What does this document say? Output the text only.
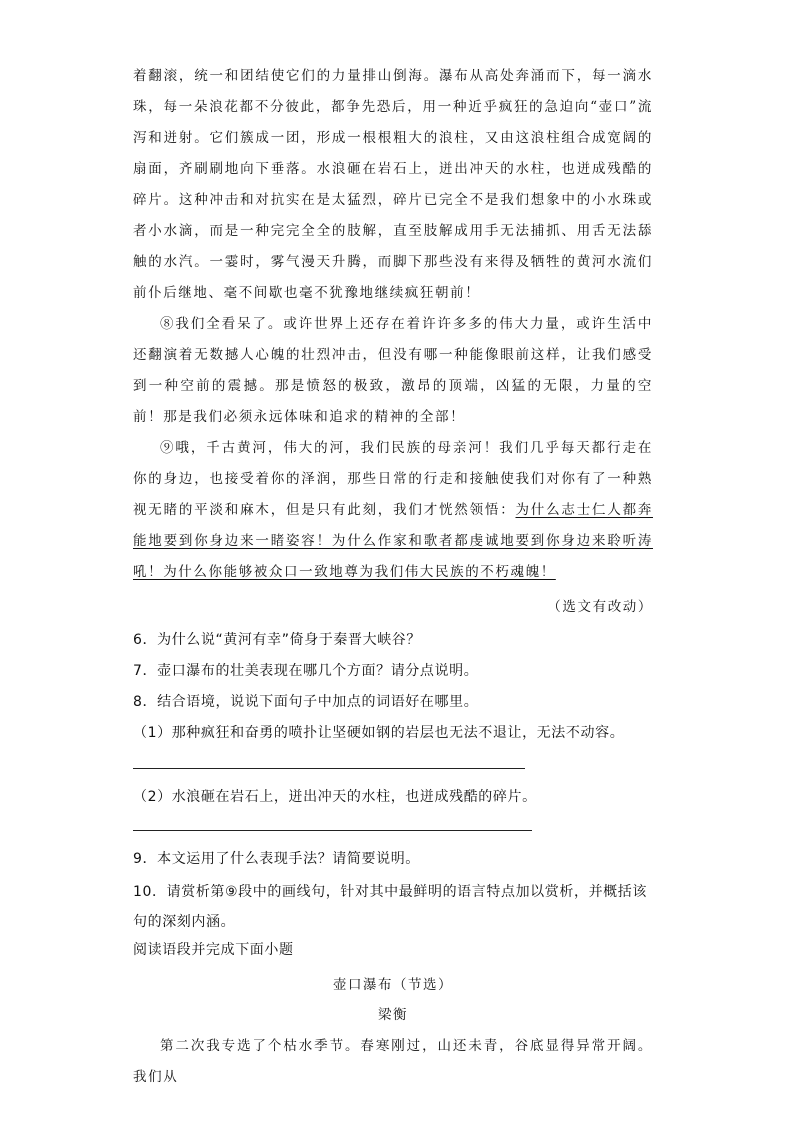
着翻滚，统一和团结使它们的力量排山倒海。瀑布从高处奔涌而下，每一滴水珠，每一朵浪花都不分彼此，都争先恐后，用一种近乎疯狂的急迫向“壶口”流泻和迸射。它们簇成一团，形成一根根粗大的浪柱，又由这浪柱组合成宽阔的扇面，齐刷刷地向下垂落。水浪砸在岩石上，迸出冲天的水柱，也迸成残酷的碎片。这种冲击和对抗实在是太猛烈，碎片已完全不是我们想象中的小水珠或者小水滴，而是一种完完全全的肢解，直至肢解成用手无法捕抓、用舌无法舔触的水汽。一霎时，雾气漫天升腾，而脚下那些没有来得及牺牲的黄河水流们前仆后继地、毫不间歇也毫不犹豫地继续疯狂朝前！

⑧我们全看呆了。或许世界上还存在着许许多多的伟大力量，或许生活中还翻演着无数撼人心魄的壮烈冲击，但没有哪一种能像眼前这样，让我们感受到一种空前的震撼。那是愤怒的极致，激昂的顶端，凶猛的无限，力量的空前！那是我们必须永远体味和追求的精神的全部！

⑨哦，千古黄河，伟大的河，我们民族的母亲河！我们几乎每天都行走在你的身边，也接受着你的泽润，那些日常的行走和接触使我们对你有了一种熟视无睹的平淡和麻木，但是只有此刻，我们才恍然领悟：为什么志士仁人都奔能地要到你身边来一睹姿容！为什么作家和歌者都虔诚地要到你身边来聆听涛吼！为什么你能够被众口一致地尊为我们伟大民族的不朽魂魄！

（选文有改动）

6．为什么说“黄河有幸”倚身于秦晋大峡谷？

7．壶口瀑布的壮美表现在哪几个方面？请分点说明。

8．结合语境，说说下面句子中加点的词语好在哪里。

（1）那种疯狂和奋勇的喷扑让坚硬如钢的岩层也无法不退让，无法不动容。

（2）水浪砸在岩石上，迸出冲天的水柱，也迸成残酷的碎片。

9．本文运用了什么表现手法？请简要说明。

10．请赏析第⑨段中的画线句，针对其中最鲜明的语言特点加以赏析，并概括该句的深刻内涵。

阅读语段并完成下面小题

壶口瀑布（节选）

梁衡

第二次我专选了个枯水季节。春寒刚过，山还未青，谷底显得异常开阔。我们从
